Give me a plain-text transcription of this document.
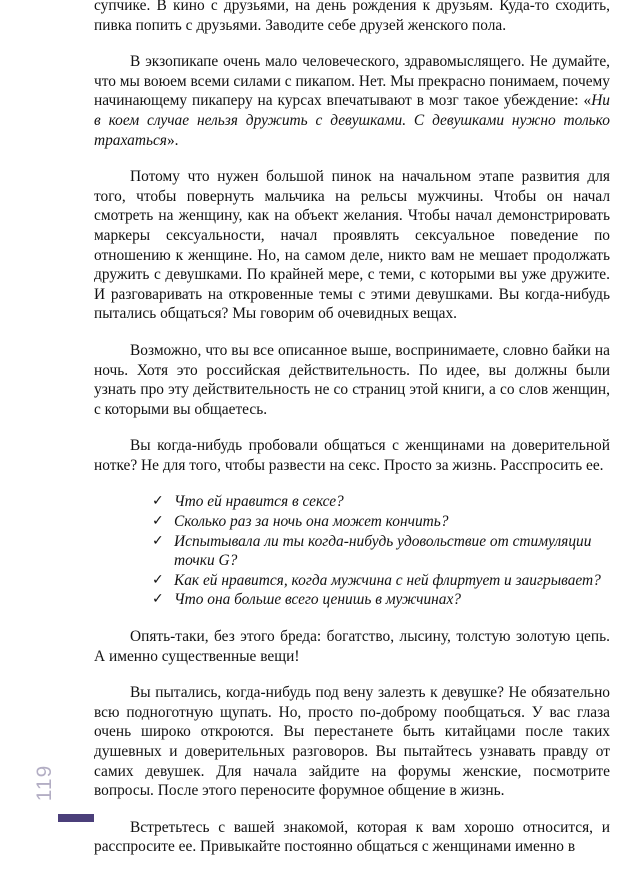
супчике. В кино с друзьями, на день рождения к друзьям. Куда-то сходить, пивка попить с друзьями. Заводите себе друзей женского пола.

В экзопикапе очень мало человеческого, здравомыслящего. Не думайте, что мы воюем всеми силами с пикапом. Нет. Мы прекрасно понимаем, почему начинающему пикаперу на курсах впечатывают в мозг такое убеждение: «Ни в коем случае нельзя дружить с девушками. С девушками нужно только трахаться».

Потому что нужен большой пинок на начальном этапе развития для того, чтобы повернуть мальчика на рельсы мужчины. Чтобы он начал смотреть на женщину, как на объект желания. Чтобы начал демонстрировать маркеры сексуальности, начал проявлять сексуальное поведение по отношению к женщине. Но, на самом деле, никто вам не мешает продолжать дружить с девушками. По крайней мере, с теми, с которыми вы уже дружите. И разговаривать на откровенные темы с этими девушками. Вы когда-нибудь пытались общаться? Мы говорим об очевидных вещах.

Возможно, что вы все описанное выше, воспринимаете, словно байки на ночь. Хотя это российская действительность. По идее, вы должны были узнать про эту действительность не со страниц этой книги, а со слов женщин, с которыми вы общаетесь.

Вы когда-нибудь пробовали общаться с женщинами на доверительной нотке? Не для того, чтобы развести на секс. Просто за жизнь. Расспросить ее.

✓ Что ей нравится в сексе?
✓ Сколько раз за ночь она может кончить?
✓ Испытывала ли ты когда-нибудь удовольствие от стимуляции точки G?
✓ Как ей нравится, когда мужчина с ней флиртует и заигрывает?
✓ Что она больше всего ценишь в мужчинах?

Опять-таки, без этого бреда: богатство, лысину, толстую золотую цепь. А именно существенные вещи!

Вы пытались, когда-нибудь под вену залезть к девушке? Не обязательно всю подноготную щупать. Но, просто по-доброму пообщаться. У вас глаза очень широко откроются. Вы перестанете быть китайцами после таких душевных и доверительных разговоров. Вы пытайтесь узнавать правду от самих девушек. Для начала зайдите на форумы женские, посмотрите вопросы. После этого переносите форумное общение в жизнь.

Встретьтесь с вашей знакомой, которая к вам хорошо относится, и расспросите ее. Привыкайте постоянно общаться с женщинами именно в

119
